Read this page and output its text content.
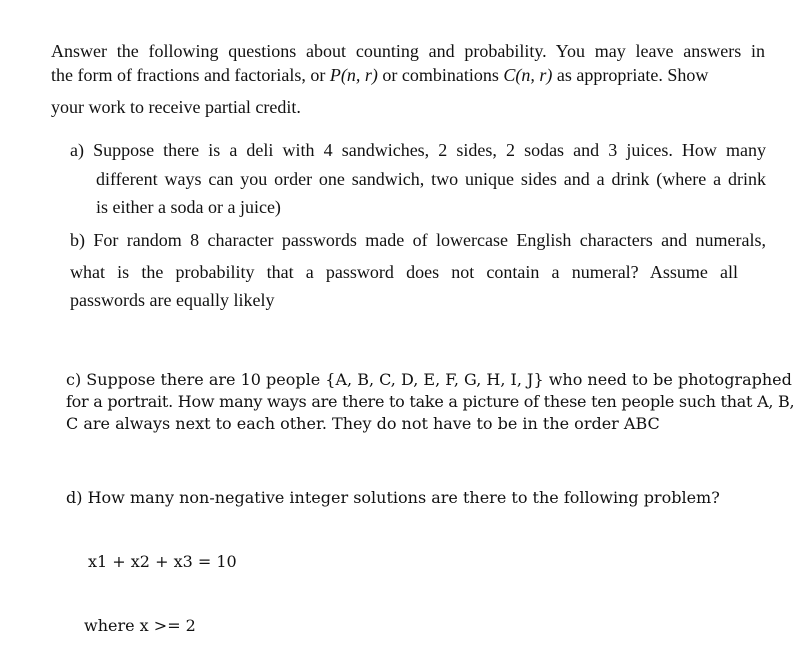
Answer the following questions about counting and probability. You may leave answers in
the form of fractions and factorials, or P(n, r) or combinations C(n, r) as appropriate. Show
your work to receive partial credit.
a) Suppose there is a deli with 4 sandwiches, 2 sides, 2 sodas and 3 juices. How many
different ways can you order one sandwich, two unique sides and a drink (where a drink
is either a soda or a juice)
b) For random 8 character passwords made of lowercase English characters and numerals,
what is the probability that a password does not contain a numeral? Assume all
passwords are equally likely
c) Suppose there are 10 people {A, B, C, D, E, F, G, H, I, J} who need to be photographed
for a portrait. How many ways are there to take a picture of these ten people such that A, B,
C are always next to each other. They do not have to be in the order ABC
d) How many non-negative integer solutions are there to the following problem?
x1 + x2 + x3 = 10
where x >= 2
